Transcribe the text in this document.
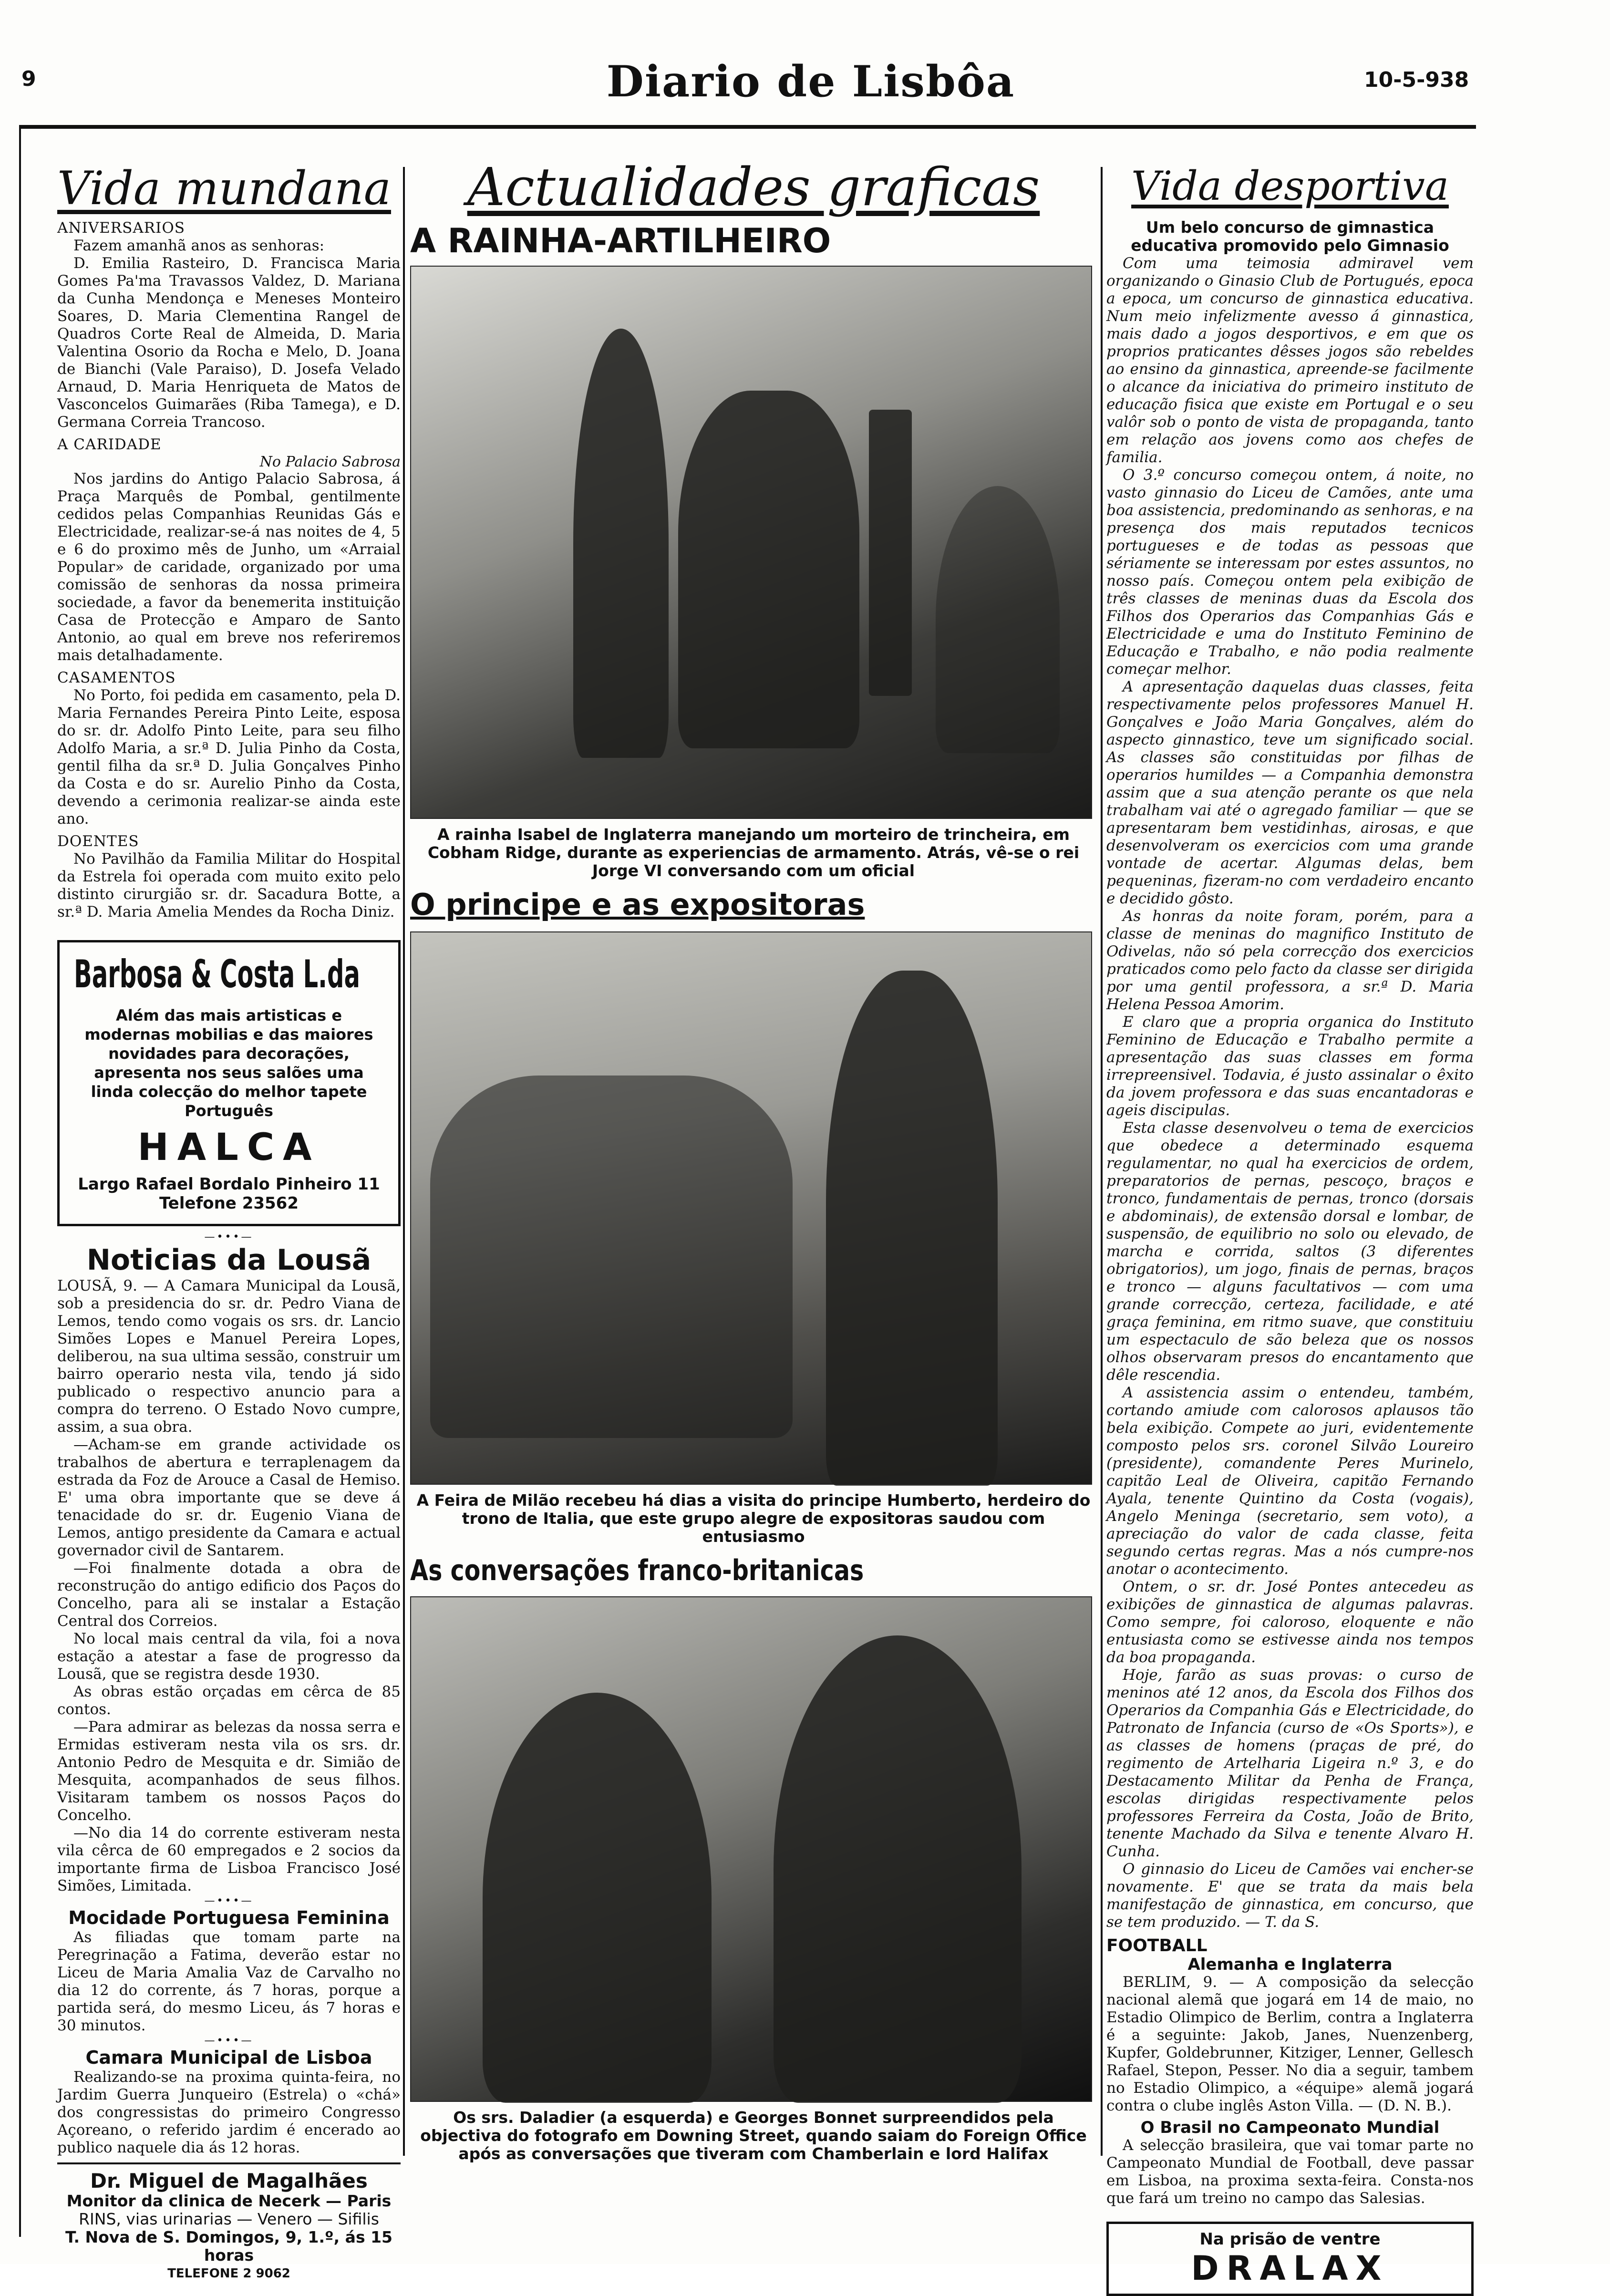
9	Diario de Lisbôa	10-5-938
Vida mundana
ANIVERSARIOS

Fazem amanhã anos as senhoras:

D. Emilia Rasteiro, D. Francisca Maria Gomes Pa'ma Travassos Valdez, D. Mariana da Cunha Mendonça e Meneses Monteiro Soares, D. Maria Clementina Rangel de Quadros Corte Real de Almeida, D. Maria Valentina Osorio da Rocha e Melo, D. Joana de Bianchi (Vale Paraiso), D. Josefa Velado Arnaud, D. Maria Henriqueta de Matos de Vasconcelos Guimarães (Riba Tamega), e D. Germana Correia Trancoso.

A CARIDADE
No Palacio Sabrosa

Nos jardins do Antigo Palacio Sabrosa, á Praça Marquês de Pombal, gentilmente cedidos pelas Companhias Reunidas Gás e Electricidade, realizar-se-á nas noites de 4, 5 e 6 do proximo mês de Junho, um «Arraial Popular» de caridade, organizado por uma comissão de senhoras da nossa primeira sociedade, a favor da benemerita instituição Casa de Protecção e Amparo de Santo Antonio, ao qual em breve nos referiremos mais detalhadamente.

CASAMENTOS

No Porto, foi pedida em casamento, pela D. Maria Fernandes Pereira Pinto Leite, esposa do sr. dr. Adolfo Pinto Leite, para seu filho Adolfo Maria, a sr.ª D. Julia Pinho da Costa, gentil filha da sr.ª D. Julia Gonçalves Pinho da Costa e do sr. Aurelio Pinho da Costa, devendo a cerimonia realizar-se ainda este ano.

DOENTES

No Pavilhão da Familia Militar do Hospital da Estrela foi operada com muito exito pelo distinto cirurgião sr. dr. Sacadura Botte, a sr.ª D. Maria Amelia Mendes da Rocha Diniz.

Barbosa & Costa L.da
Além das mais artisticas e modernas mobilias e das maiores novidades para decorações, apresenta nos seus salões uma linda colecção do melhor tapete Português
HALCA
Largo Rafael Bordalo Pinheiro 11
Telefone 23562
—•••—
Noticias da Lousã

LOUSÃ, 9. — A Camara Municipal da Lousã, sob a presidencia do sr. dr. Pedro Viana de Lemos, tendo como vogais os srs. dr. Lancio Simões Lopes e Manuel Pereira Lopes, deliberou, na sua ultima sessão, construir um bairro operario nesta vila, tendo já sido publicado o respectivo anuncio para a compra do terreno. O Estado Novo cumpre, assim, a sua obra.

—Acham-se em grande actividade os trabalhos de abertura e terraplenagem da estrada da Foz de Arouce a Casal de Hemiso. E' uma obra importante que se deve á tenacidade do sr. dr. Eugenio Viana de Lemos, antigo presidente da Camara e actual governador civil de Santarem.

—Foi finalmente dotada a obra de reconstrução do antigo edificio dos Paços do Concelho, para ali se instalar a Estação Central dos Correios.

No local mais central da vila, foi a nova estação a atestar a fase de progresso da Lousã, que se registra desde 1930.

As obras estão orçadas em cêrca de 85 contos.

—Para admirar as belezas da nossa serra e Ermidas estiveram nesta vila os srs. dr. Antonio Pedro de Mesquita e dr. Simião de Mesquita, acompanhados de seus filhos. Visitaram tambem os nossos Paços do Concelho.

—No dia 14 do corrente estiveram nesta vila cêrca de 60 empregados e 2 socios da importante firma de Lisboa Francisco José Simões, Limitada.

—•••—
Mocidade Portuguesa Feminina

As filiadas que tomam parte na Peregrinação a Fatima, deverão estar no Liceu de Maria Amalia Vaz de Carvalho no dia 12 do corrente, ás 7 horas, porque a partida será, do mesmo Liceu, ás 7 horas e 30 minutos.

—•••—
Camara Municipal de Lisboa

Realizando-se na proxima quinta-feira, no Jardim Guerra Junqueiro (Estrela) o «chá» dos congressistas do primeiro Congresso Açoreano, o referido jardim é encerado ao publico naquele dia ás 12 horas.

Dr. Miguel de Magalhães
Monitor da clinica de Necerk — Paris
RINS, vias urinarias — Venero — Sifilis
T. Nova de S. Domingos, 9, 1.º, ás 15 horas
TELEFONE 2 9062
Actualidades graficas
A RAINHA-ARTILHEIRO
A rainha Isabel de Inglaterra manejando um morteiro de trincheira, em Cobham Ridge, durante as experiencias de armamento. Atrás, vê-se o rei Jorge VI conversando com um oficial
O principe e as expositoras
A Feira de Milão recebeu há dias a visita do principe Humberto, herdeiro do trono de Italia, que este grupo alegre de expositoras saudou com entusiasmo
As conversações franco-britanicas
Os srs. Daladier (a esquerda) e Georges Bonnet surpreendidos pela objectiva do fotografo em Downing Street, quando saiam do Foreign Office após as conversações que tiveram com Chamberlain e lord Halifax
Vida desportiva
Um belo concurso de gimnastica educativa promovido pelo Gimnasio

Com uma teimosia admiravel vem organizando o Ginasio Club de Portugués, epoca a epoca, um concurso de ginnastica educativa. Num meio infelizmente avesso á ginnastica, mais dado a jogos desportivos, e em que os proprios praticantes dêsses jogos são rebeldes ao ensino da ginnastica, apreende-se facilmente o alcance da iniciativa do primeiro instituto de educação fisica que existe em Portugal e o seu valôr sob o ponto de vista de propaganda, tanto em relação aos jovens como aos chefes de familia.

O 3.º concurso começou ontem, á noite, no vasto ginnasio do Liceu de Camões, ante uma boa assistencia, predominando as senhoras, e na presença dos mais reputados tecnicos portugueses e de todas as pessoas que sériamente se interessam por estes assuntos, no nosso país. Começou ontem pela exibição de três classes de meninas duas da Escola dos Filhos dos Operarios das Companhias Gás e Electricidade e uma do Instituto Feminino de Educação e Trabalho, e não podia realmente começar melhor.

A apresentação daquelas duas classes, feita respectivamente pelos professores Manuel H. Gonçalves e João Maria Gonçalves, além do aspecto ginnastico, teve um significado social. As classes são constituidas por filhas de operarios humildes — a Companhia demonstra assim que a sua atenção perante os que nela trabalham vai até o agregado familiar — que se apresentaram bem vestidinhas, airosas, e que desenvolveram os exercicios com uma grande vontade de acertar. Algumas delas, bem pequeninas, fizeram-no com verdadeiro encanto e decidido gôsto.

As honras da noite foram, porém, para a classe de meninas do magnifico Instituto de Odivelas, não só pela correcção dos exercicios praticados como pelo facto da classe ser dirigida por uma gentil professora, a sr.ª D. Maria Helena Pessoa Amorim.

E claro que a propria organica do Instituto Feminino de Educação e Trabalho permite a apresentação das suas classes em forma irrepreensivel. Todavia, é justo assinalar o êxito da jovem professora e das suas encantadoras e ageis discipulas.

Esta classe desenvolveu o tema de exercicios que obedece a determinado esquema regulamentar, no qual ha exercicios de ordem, preparatorios de pernas, pescoço, braços e tronco, fundamentais de pernas, tronco (dorsais e abdominais), de extensão dorsal e lombar, de suspensão, de equilibrio no solo ou elevado, de marcha e corrida, saltos (3 diferentes obrigatorios), um jogo, finais de pernas, braços e tronco — alguns facultativos — com uma grande correcção, certeza, facilidade, e até graça feminina, em ritmo suave, que constituiu um espectaculo de são beleza que os nossos olhos observaram presos do encantamento que dêle rescendia.

A assistencia assim o entendeu, também, cortando amiude com calorosos aplausos tão bela exibição. Compete ao juri, evidentemente composto pelos srs. coronel Silvão Loureiro (presidente), comandente Peres Murinelo, capitão Leal de Oliveira, capitão Fernando Ayala, tenente Quintino da Costa (vogais), Angelo Meninga (secretario, sem voto), a apreciação do valor de cada classe, feita segundo certas regras. Mas a nós cumpre-nos anotar o acontecimento.

Ontem, o sr. dr. José Pontes antecedeu as exibições de ginnastica de algumas palavras. Como sempre, foi caloroso, eloquente e não entusiasta como se estivesse ainda nos tempos da boa propaganda.

Hoje, farão as suas provas: o curso de meninos até 12 anos, da Escola dos Filhos dos Operarios da Companhia Gás e Electricidade, do Patronato de Infancia (curso de «Os Sports»), e as classes de homens (praças de pré, do regimento de Artelharia Ligeira n.º 3, e do Destacamento Militar da Penha de França, escolas dirigidas respectivamente pelos professores Ferreira da Costa, João de Brito, tenente Machado da Silva e tenente Alvaro H. Cunha.

O ginnasio do Liceu de Camões vai encher-se novamente. E' que se trata da mais bela manifestação de ginnastica, em concurso, que se tem produzido. — T. da S.

FOOTBALL
Alemanha e Inglaterra

BERLIM, 9. — A composição da selecção nacional alemã que jogará em 14 de maio, no Estadio Olimpico de Berlim, contra a Inglaterra é a seguinte: Jakob, Janes, Nuenzenberg, Kupfer, Goldebrunner, Kitziger, Lenner, Gellesch Rafael, Stepon, Pesser. No dia a seguir, tambem no Estadio Olimpico, a «équipe» alemã jogará contra o clube inglês Aston Villa. — (D. N. B.).

O Brasil no Campeonato Mundial

A selecção brasileira, que vai tomar parte no Campeonato Mundial de Football, deve passar em Lisboa, na proxima sexta-feira. Consta-nos que fará um treino no campo das Salesias.

Na prisão de ventre
DRALAX
